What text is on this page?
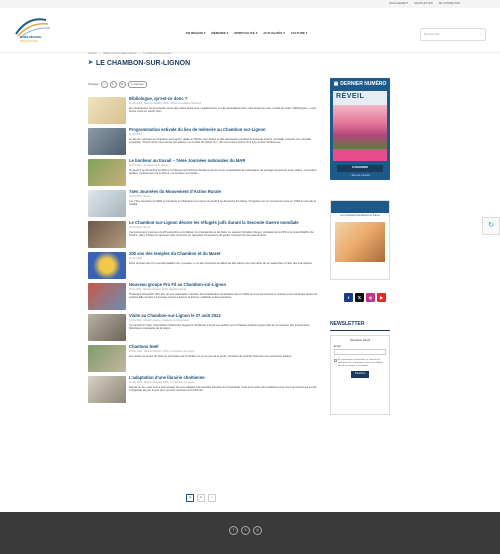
ENGAGEMENT NEWSLETTER SE CONNECTER
MUSÉE RÉGIONAL
PROTESTANTE
EN RÉGION ▾ MÉMOIRE ▾ SPIRITUALITÉ ▾ ACTUALITÉS ▾ CULTURE ▾	Rechercher...	⌕
Accueil › Région Centre-Haute-Alsace › Le Chambon-sur-Lignon
➤ LE CHAMBON-SUR-LIGNON
Partage	f	𝕏	✉	⎙ Imprimer
Bibliologue, qu’est-ce donc ?
26 Juin 2025 · Martine Chavolet, Chiffo, Comité de rédaction de Réveil
De nombreuses communautés vivent des cultes autrement: régulièrement ou plus épisodiquement, mais lorsqu’on nous a parlé du culte « Bibliologue », nous avons voulu en savoir plus !
Programmation estivale du lieu de mémoire au Chambon-sur-Lignon
01 Juil 2024
Le lieu de mémoire au Chambon-sur-Lignon, dédié à l’histoire des Justes et des résistances pendant la Seconde Guerre mondiale, propose une nouvelle exposition “Trente récits pour sauver les artistes. Le combat de Varian Fry”, des rencontres autour d’un livre et des conférences.
Le bonheur au travail – 7ème Journées nationales du MAR
30 Oct 2023 · Christiane Pirari, Réveil
Du jeudi 5 au dimanche 8 octobre, le Mouvement d’Action Rurale a permis à une cinquantaine de participants de partager sa journée entre visites, rencontres, ateliers, conférences sur le thème « le bonheur au travail ».
74es Journées du Mouvement d’Action Rurale
02 Oct 2023 · Réveil
Les 74es Journées du MAR se tiendront au Chambon-sur-Lignon du jeudi 5 au dimanche 8 octobre. Projection sur ce mouvement créé en 1948 au sein de la ruralité.
Le Chambon-sur-Lignon décore les réfugiés juifs durant la Seconde Guerre mondiale
02 Oct 2023 · Réveil
Cet événement s’est tenu le 28 septembre à la Maison du protestantisme de Paris. Le pasteur Christian Krieger, président de la FPF et le Grand Rabbin de France, Haïm Korsia ont retrouvé cette rencontre en rappelant l’importance de garder mémoire de ces événements.
200 ans des temples du Chambon et du Mazet
27 Juin 2023
Deux temples que l’on pourrait qualifier de « jumeaux » ont été construits au début du 19e siècle pour permettre de se rassembler à l’abri des intempéries.
Nouveau groupe Pro Fil au Chambon-sur-Lignon
26 Avr 2023 · Martine Chavolet, Chiffo, Magazine Réveil
Protestant Filmophile (Pro-Fil) est une association membre de la Fédération protestante née en 1992 qui veut promouvoir le cinéma et les échanges autour du cinéma. Elle compte 13 groupes locaux à travers la France, rattachés à des paroisses.
Visite au Chambon-sur-Lignon le 27 août 2022
13 Oct 2022 · Mireille Lemaitre, présidente de l’association
Ce samedi 27 août, l’association Patrimoine huguenot d’Ardèche a invité ses publics sur le Plateau Vivarais-Lignon afin de se souvenir des événements historiques marquants de la région.
Chantons Noël
03 Déc 2021 · Martine Chavolet, Chiffo, Le Chambon-sur-Lignon
Les visites au temps de Noël se sont faites par la fenêtre ou sur le pas de la porte. Occasion de chanter Noël pour les personnes isolées.
L’adaptation d’une librairie chrétienne
01 Déc 2021 · Martine Chavolet, Chiffo, Le Chambon-sur-Lignon
Depuis un an, nous avons tous essayé de nous adapter à la nouvelle situation de l’incertitude. Cela peut poser des problèmes pour les commerces qui ont dû s’organiser au jour le jour pour pouvoir continuer à fonctionner.
1	2	›
▣ DERNIER NUMÉRO
RÉVEIL
S'ABONNER
› Tous les numéros
Les protestants thématiques en France
f	𝕏	◎	▶
NEWSLETTER
Newsletter Réveil
Email *
En soumettant ce formulaire, je consens au traitement des informations saisies par l’Église afin de m’envoyer la newsletter
S'inscrire
↻
f	𝕏	◎
